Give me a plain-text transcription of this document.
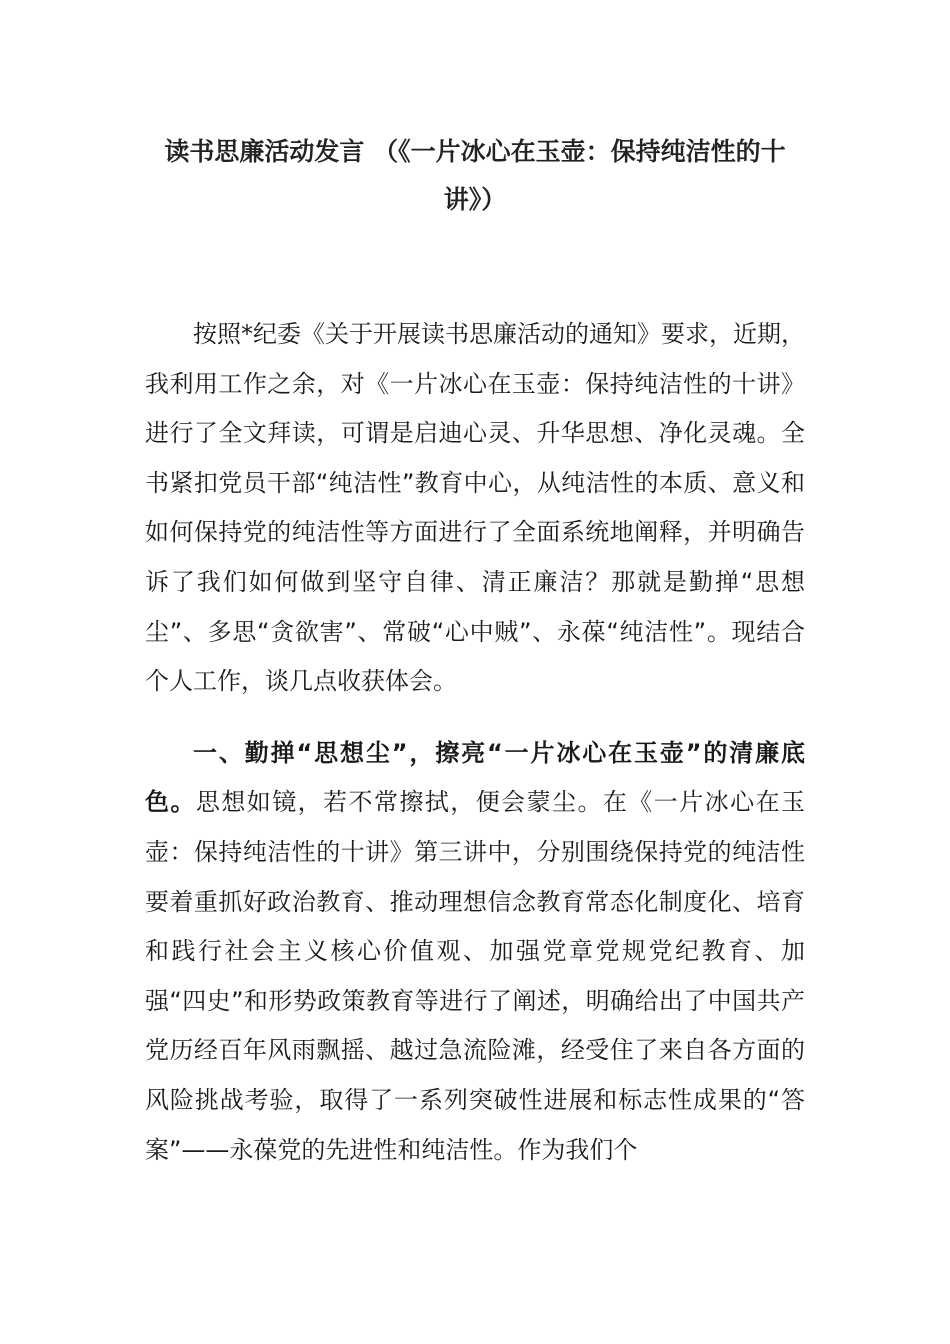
读书思廉活动发言 （《一片冰心在玉壶：保持纯洁性的十讲》）

按照*纪委《关于开展读书思廉活动的通知》要求，近期，我利用工作之余，对《一片冰心在玉壶：保持纯洁性的十讲》进行了全文拜读，可谓是启迪心灵、升华思想、净化灵魂。全书紧扣党员干部“纯洁性”教育中心，从纯洁性的本质、意义和如何保持党的纯洁性等方面进行了全面系统地阐释，并明确告诉了我们如何做到坚守自律、清正廉洁？那就是勤掸“思想尘”、多思“贪欲害”、常破“心中贼”、永葆“纯洁性”。现结合个人工作，谈几点收获体会。

一、勤掸“思想尘”，擦亮“一片冰心在玉壶”的清廉底色。思想如镜，若不常擦拭，便会蒙尘。在《一片冰心在玉壶：保持纯洁性的十讲》第三讲中，分别围绕保持党的纯洁性要着重抓好政治教育、推动理想信念教育常态化制度化、培育和践行社会主义核心价值观、加强党章党规党纪教育、加强“四史”和形势政策教育等进行了阐述，明确给出了中国共产党历经百年风雨飘摇、越过急流险滩，经受住了来自各方面的风险挑战考验，取得了一系列突破性进展和标志性成果的“答案”——永葆党的先进性和纯洁性。作为我们个
